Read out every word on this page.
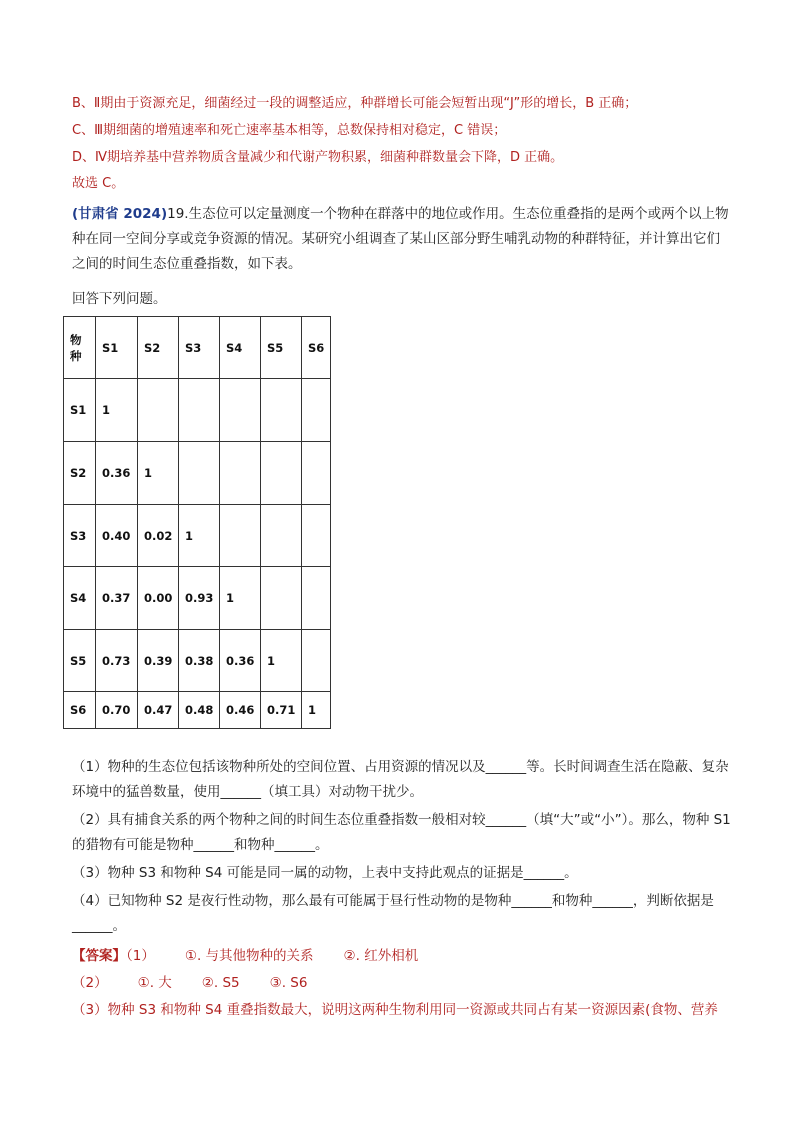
B、Ⅱ期由于资源充足，细菌经过一段的调整适应，种群增长可能会短暂出现“J”形的增长，B 正确；
C、Ⅲ期细菌的增殖速率和死亡速率基本相等，总数保持相对稳定，C 错误；
D、Ⅳ期培养基中营养物质含量减少和代谢产物积累，细菌种群数量会下降，D 正确。
故选 C。
(甘肃省 2024)19.生态位可以定量测度一个物种在群落中的地位或作用。生态位重叠指的是两个或两个以上物种在同一空间分享或竞争资源的情况。某研究小组调查了某山区部分野生哺乳动物的种群特征，并计算出它们之间的时间生态位重叠指数，如下表。
回答下列问题。
物
种	S1	S2	S3	S4	S5	S6
S1	1					
S2	0.36	1				
S3	0.40	0.02	1			
S4	0.37	0.00	0.93	1		
S5	0.73	0.39	0.38	0.36	1	
S6	0.70	0.47	0.48	0.46	0.71	1
（1）物种的生态位包括该物种所处的空间位置、占用资源的情况以及______等。长时间调查生活在隐蔽、复杂环境中的猛兽数量，使用______（填工具）对动物干扰少。
（2）具有捕食关系的两个物种之间的时间生态位重叠指数一般相对较______（填“大”或“小”）。那么，物种 S1 的猎物有可能是物种______和物种______。
（3）物种 S3 和物种 S4 可能是同一属的动物，上表中支持此观点的证据是______。
（4）已知物种 S2 是夜行性动物，那么最有可能属于昼行性动物的是物种______和物种______，判断依据是______。
【答案】（1） ①. 与其他物种的关系 ②. 红外相机
（2） ①. 大 ②. S5 ③. S6
（3）物种 S3 和物种 S4 重叠指数最大，说明这两种生物利用同一资源或共同占有某一资源因素(食物、营养
